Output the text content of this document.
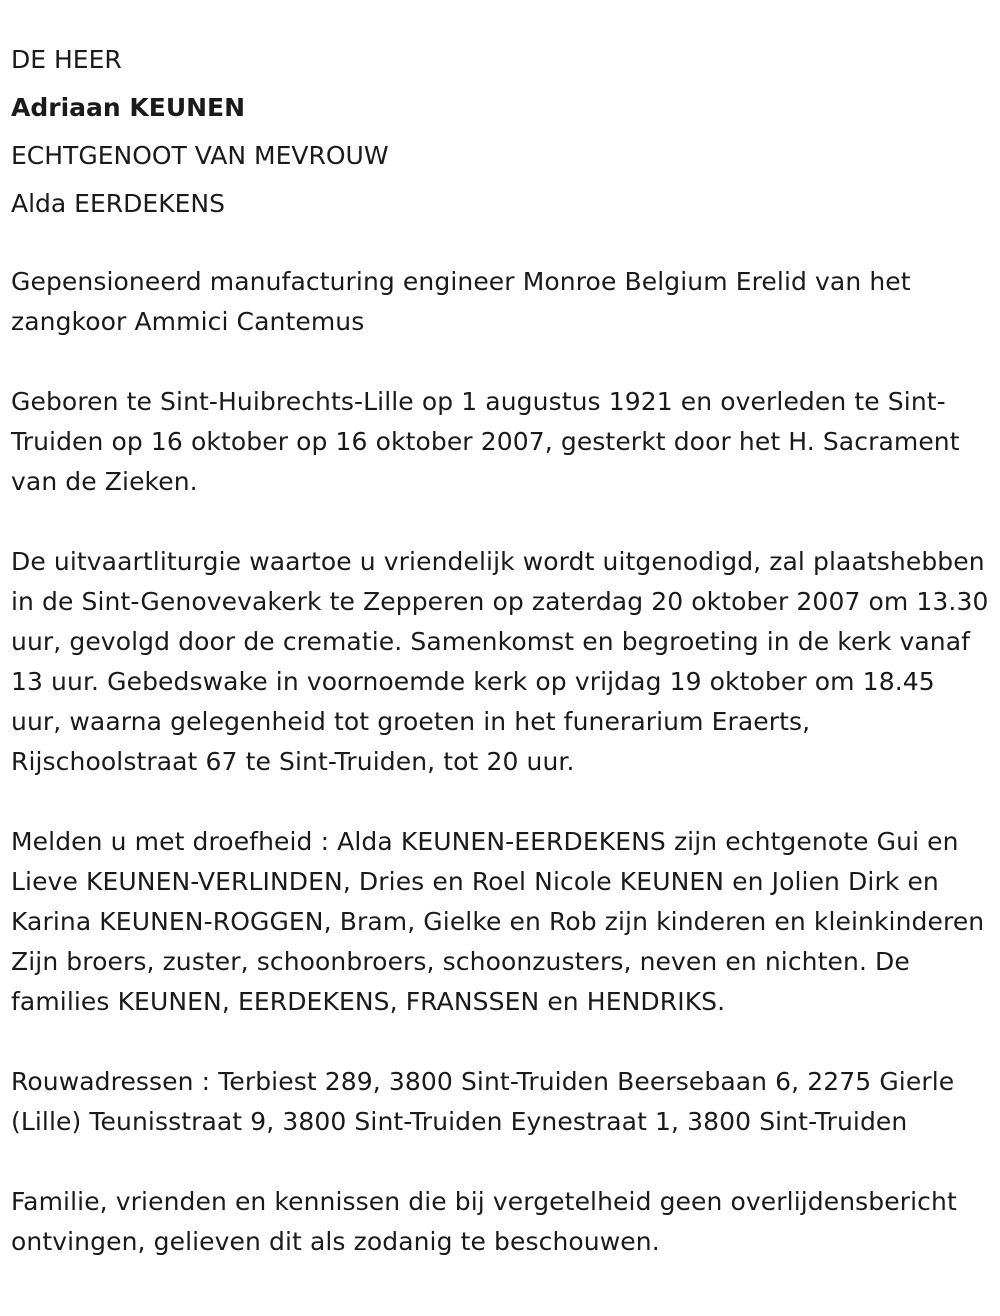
DE HEER
Adriaan KEUNEN
ECHTGENOOT VAN MEVROUW
Alda EERDEKENS

Gepensioneerd manufacturing engineer Monroe Belgium Erelid van het zangkoor Ammici Cantemus

Geboren te Sint-Huibrechts-Lille op 1 augustus 1921 en overleden te Sint-Truiden op 16 oktober op 16 oktober 2007, gesterkt door het H. Sacrament van de Zieken.

De uitvaartliturgie waartoe u vriendelijk wordt uitgenodigd, zal plaatshebben in de Sint-Genovevakerk te Zepperen op zaterdag 20 oktober 2007 om 13.30 uur, gevolgd door de crematie. Samenkomst en begroeting in de kerk vanaf 13 uur. Gebedswake in voornoemde kerk op vrijdag 19 oktober om 18.45 uur, waarna gelegenheid tot groeten in het funerarium Eraerts, Rijschoolstraat 67 te Sint-Truiden, tot 20 uur.

Melden u met droefheid : Alda KEUNEN-EERDEKENS zijn echtgenote Gui en Lieve KEUNEN-VERLINDEN, Dries en Roel Nicole KEUNEN en Jolien Dirk en Karina KEUNEN-ROGGEN, Bram, Gielke en Rob zijn kinderen en kleinkinderen Zijn broers, zuster, schoonbroers, schoonzusters, neven en nichten. De families KEUNEN, EERDEKENS, FRANSSEN en HENDRIKS.

Rouwadressen : Terbiest 289, 3800 Sint-Truiden Beersebaan 6, 2275 Gierle (Lille) Teunisstraat 9, 3800 Sint-Truiden Eynestraat 1, 3800 Sint-Truiden

Familie, vrienden en kennissen die bij vergetelheid geen overlijdensbericht ontvingen, gelieven dit als zodanig te beschouwen.
